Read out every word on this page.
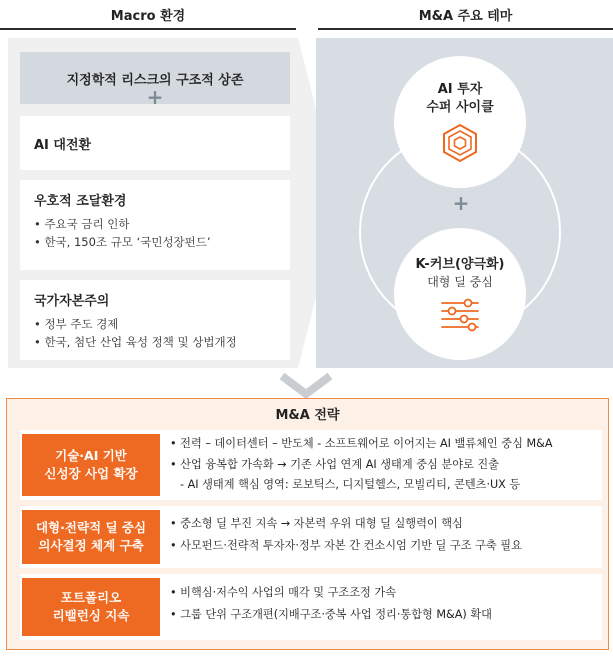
Macro 환경	M&A 주요 테마
지정학적 리스크의 구조적 상존
+
AI 대전환
우호적 조달환경
• 주요국 금리 인하
• 한국, 150조 규모 ‘국민성장펀드’
국가자본주의
• 정부 주도 경제
• 한국, 첨단 산업 육성 정책 및 상법개정
AI 투자
수퍼 사이클
+
K-커브(양극화)
대형 딜 중심
M&A 전략
기술·AI 기반
신성장 사업 확장
대형·전략적 딜 중심
의사결정 체계 구축
포트폴리오
리밸런싱 지속
• 전력 – 데이터센터 – 반도체 - 소프트웨어로 이어지는 AI 밸류체인 중심 M&A
• 산업 융복합 가속화 → 기존 사업 연계 AI 생태계 중심 분야로 진출
- AI 생태계 핵심 영역: 로보틱스, 디지털헬스, 모빌리티, 콘텐츠·UX 등
• 중소형 딜 부진 지속 → 자본력 우위 대형 딜 실행력이 핵심
• 사모펀드·전략적 투자자·정부 자본 간 컨소시엄 기반 딜 구조 구축 필요
• 비핵심·저수익 사업의 매각 및 구조조정 가속
• 그룹 단위 구조개편(지배구조·중복 사업 정리·통합형 M&A) 확대
